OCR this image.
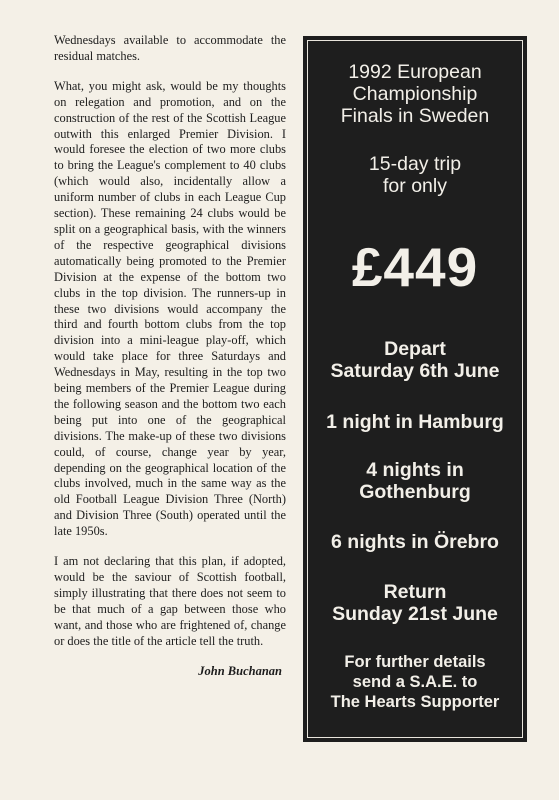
Wednesdays available to accommodate the residual matches.

What, you might ask, would be my thoughts on relegation and promotion, and on the construction of the rest of the Scottish League outwith this enlarged Premier Division. I would foresee the election of two more clubs to bring the League's complement to 40 clubs (which would also, incidentally allow a uniform number of clubs in each League Cup section). These remaining 24 clubs would be split on a geographical basis, with the winners of the respective geographical divisions automatically being promoted to the Premier Division at the expense of the bottom two clubs in the top division. The runners-up in these two divisions would accompany the third and fourth bottom clubs from the top division into a mini-league play-off, which would take place for three Saturdays and Wednesdays in May, resulting in the top two being members of the Premier League during the following season and the bottom two each being put into one of the geographical divisions. The make-up of these two divisions could, of course, change year by year, depending on the geographical location of the clubs involved, much in the same way as the old Football League Division Three (North) and Division Three (South) operated until the late 1950s.

I am not declaring that this plan, if adopted, would be the saviour of Scottish football, simply illustrating that there does not seem to be that much of a gap between those who want, and those who are frightened of, change or does the title of the article tell the truth.

John Buchanan
1992 European
Championship
Finals in Sweden
15-day trip
for only
£449
Depart
Saturday 6th June
1 night in Hamburg
4 nights in
Gothenburg
6 nights in Örebro
Return
Sunday 21st June
For further details
send a S.A.E. to
The Hearts Supporter
